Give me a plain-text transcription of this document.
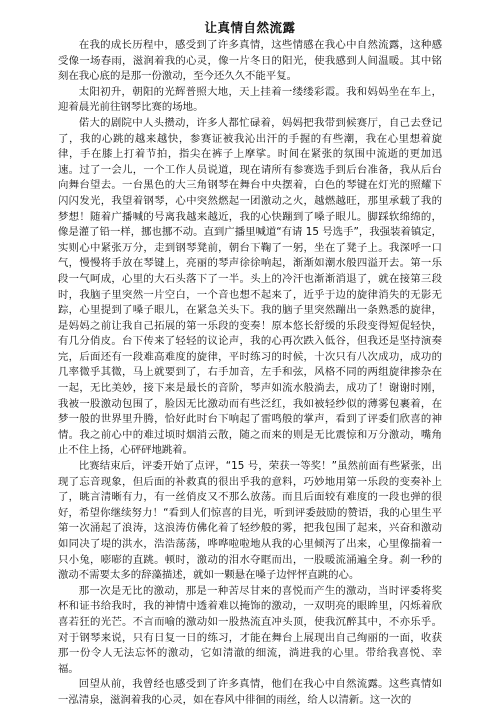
让真情自然流露

在我的成长历程中，感受到了许多真情，这些情感在我心中自然流露，这种感受像一场春雨，滋润着我的心灵，像一片冬日的阳光，使我感到人间温暖。其中铭刻在我心底的是那一份激动，至今还久久不能平复。

太阳初升，朝阳的光辉普照大地，天上挂着一缕缕彩霞。我和妈妈坐在车上，迎着晨光前往钢琴比赛的场地。

偌大的剧院中人头攒动，许多人都忙碌着，妈妈把我带到候赛厅，自己去登记了，我的心跳的越来越快，参赛证被我沁出汗的手握的有些潮，我在心里想着旋律，手在膝上打着节拍，指尖在裤子上摩挲。时间在紧张的氛围中流逝的更加迅速。过了一会儿，一个工作人员说道，现在请所有参赛选手到后台准备，我从后台向舞台望去。一台黑色的大三角钢琴在舞台中央摆着，白色的琴键在灯光的照耀下闪闪发光，我望着钢琴，心中突然燃起一团激动之火，越燃越旺，那里承载了我的梦想！随着广播喊的号离我越来越近，我的心快蹦到了嗓子眼儿。脚踩软绵绵的，像是灌了铅一样，挪也挪不动。直到广播里喊道“有请 15 号选手”，我强装着镇定，实则心中紧张万分，走到钢琴凳前，朝台下鞠了一躬，坐在了凳子上。我深呼一口气，慢慢将手放在琴键上，亮丽的琴声徐徐响起，渐渐如潮水般四溢开去。第一乐段一气呵成，心里的大石头落下了一半。头上的冷汗也渐渐消退了，就在接第三段时，我脑子里突然一片空白，一个音也想不起来了，近乎于边的旋律消失的无影无踪，心里提到了嗓子眼儿，在紧急关头下。我的脑子里突然蹦出一条熟悉的旋律，是妈妈之前让我自己拓展的第一乐段的变奏！原本悠长舒缓的乐段变得短促轻快，有几分俏皮。台下传来了轻轻的议论声，我的心再次跌入低谷，但我还是坚持演奏完，后面还有一段难高难度的旋律，平时练习的时候，十次只有八次成功，成功的几率微乎其微，马上就要到了，右手加音，左手和弦，风格不同的两组旋律掺杂在一起，无比美妙，接下来是最长的音阶，琴声如流水般淌去，成功了！谢谢时刚，我被一股激动包围了，脸因无比激动而有些泛红，我如被轻纱似的薄雾包裹着，在梦一般的世界里升腾，恰好此时台下响起了雷鸣般的掌声，看到了评委们欣喜的神情。我之前心中的难过顷时烟消云散，随之而来的则是无比震惊和万分激动，嘴角止不住上扬，心砰砰地跳着。

比赛结束后，评委开始了点评，“15 号，荣获一等奖！”虽然前面有些紧张，出现了忘音现象，但后面的补救真的很出乎我的意料，巧妙地用第一乐段的变奏补上了，眺言清晰有力，有一丝俏皮又不那么放荡。而且后面较有难度的一段也弹的很好，希望你继续努力！“看到人们惊喜的目光，听到评委鼓励的赞语，我的心里生平第一次涌起了浪涛，这浪涛仿佛化着了轻纱般的雾，把我包围了起来，兴奋和激动如同决了堤的洪水，浩浩荡荡，哗哗啦啦地从我的心里倾泻了出来，心里像揣着一只小兔，嘭嘭的直跳。顿时，激动的泪水夺眶而出，一股暖流涌遍全身。刹一秒的激动不需要太多的辞藻描述，就如一颗悬在嗓子边怦怦直跳的心。

那一次是无比的激动，那是一种苦尽甘来的喜悦而产生的激动，当时评委将奖杯和证书给我时，我的神情中透着难以掩饰的激动，一双明亮的眼眸里，闪烁着欣喜若狂的光芒。不言而喻的激动如一股热流直冲头顶，使我沉醉其中，不亦乐乎。对于钢琴来说，只有日复一日的练习，才能在舞台上展现出自己绚丽的一面，收获那一份令人无法忘怀的激动，它如清澈的细流，淌进我的心里。带给我喜悦、幸福。

回望从前，我曾经也感受到了许多真情，他们在我心中自然流露。这些真情如一泓清泉，滋润着我的心灵，如在春风中徘徊的雨丝，给人以清新。这一次的
